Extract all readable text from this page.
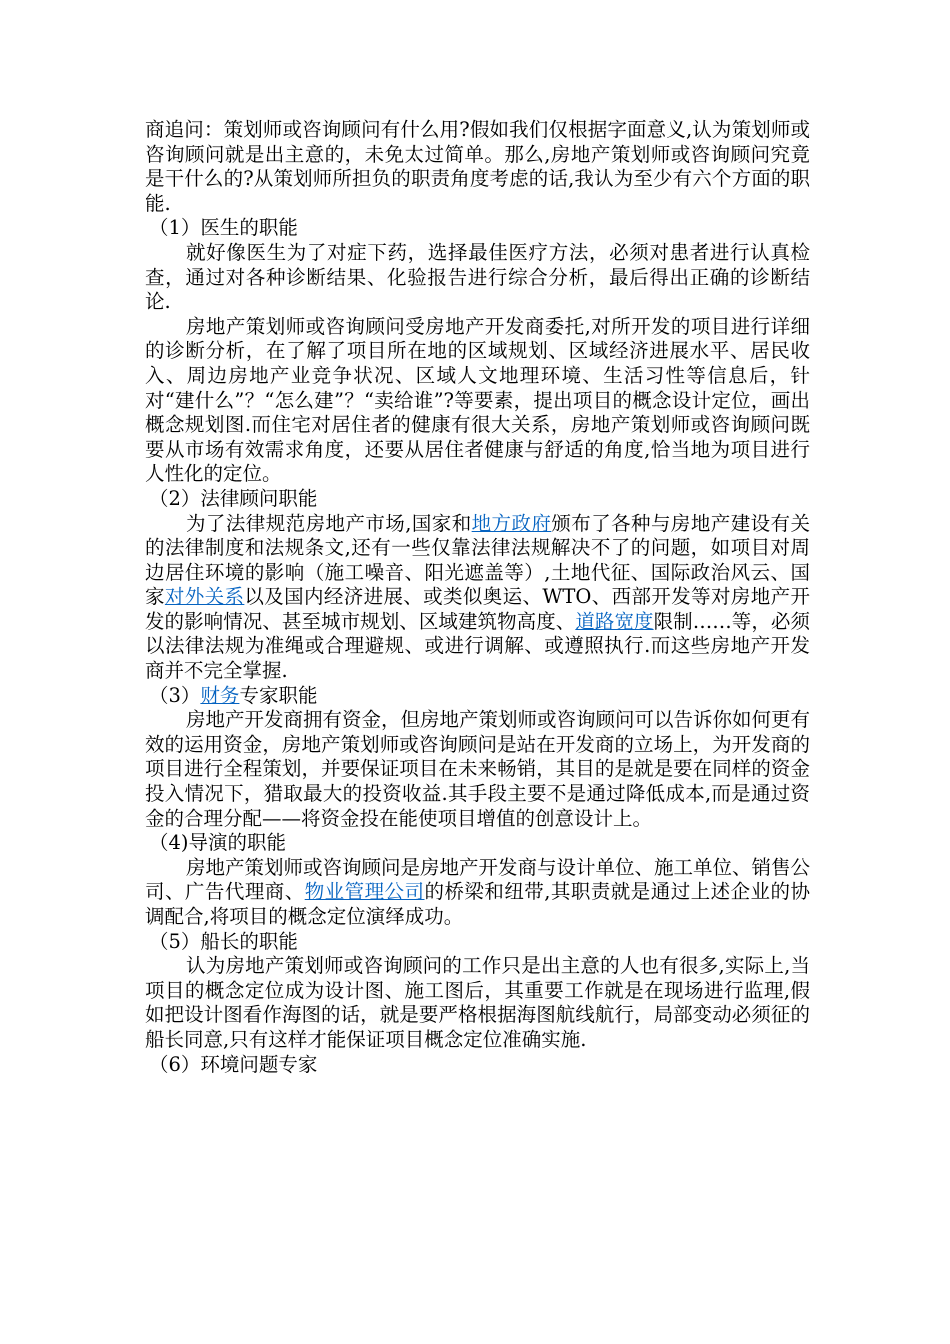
商追问：策划师或咨询顾问有什么用?假如我们仅根据字面意义,认为策划师或咨询顾问就是出主意的，未免太过简单。那么,房地产策划师或咨询顾问究竟是干什么的?从策划师所担负的职责角度考虑的话,我认为至少有六个方面的职能.

（1）医生的职能

就好像医生为了对症下药，选择最佳医疗方法，必须对患者进行认真检查，通过对各种诊断结果、化验报告进行综合分析，最后得出正确的诊断结论.

房地产策划师或咨询顾问受房地产开发商委托,对所开发的项目进行详细的诊断分析，在了解了项目所在地的区域规划、区域经济进展水平、居民收入、周边房地产业竞争状况、区域人文地理环境、生活习性等信息后，针对“建什么”？“怎么建”？“卖给谁”?等要素，提出项目的概念设计定位，画出概念规划图.而住宅对居住者的健康有很大关系，房地产策划师或咨询顾问既要从市场有效需求角度，还要从居住者健康与舒适的角度,恰当地为项目进行人性化的定位。

（2）法律顾问职能

为了法律规范房地产市场,国家和地方政府颁布了各种与房地产建设有关的法律制度和法规条文,还有一些仅靠法律法规解决不了的问题，如项目对周边居住环境的影响（施工噪音、阳光遮盖等）,土地代征、国际政治风云、国家对外关系以及国内经济进展、或类似奥运、WTO、西部开发等对房地产开发的影响情况、甚至城市规划、区域建筑物高度、道路宽度限制……等，必须以法律法规为准绳或合理避规、或进行调解、或遵照执行.而这些房地产开发商并不完全掌握.

（3）财务专家职能

房地产开发商拥有资金，但房地产策划师或咨询顾问可以告诉你如何更有效的运用资金，房地产策划师或咨询顾问是站在开发商的立场上，为开发商的项目进行全程策划，并要保证项目在未来畅销，其目的是就是要在同样的资金投入情况下，猎取最大的投资收益.其手段主要不是通过降低成本,而是通过资金的合理分配——将资金投在能使项目增值的创意设计上。

（4)导演的职能

房地产策划师或咨询顾问是房地产开发商与设计单位、施工单位、销售公司、广告代理商、物业管理公司的桥梁和纽带,其职责就是通过上述企业的协调配合,将项目的概念定位演绎成功。

（5）船长的职能

认为房地产策划师或咨询顾问的工作只是出主意的人也有很多,实际上,当项目的概念定位成为设计图、施工图后，其重要工作就是在现场进行监理,假如把设计图看作海图的话，就是要严格根据海图航线航行，局部变动必须征的船长同意,只有这样才能保证项目概念定位准确实施.

（6）环境问题专家
